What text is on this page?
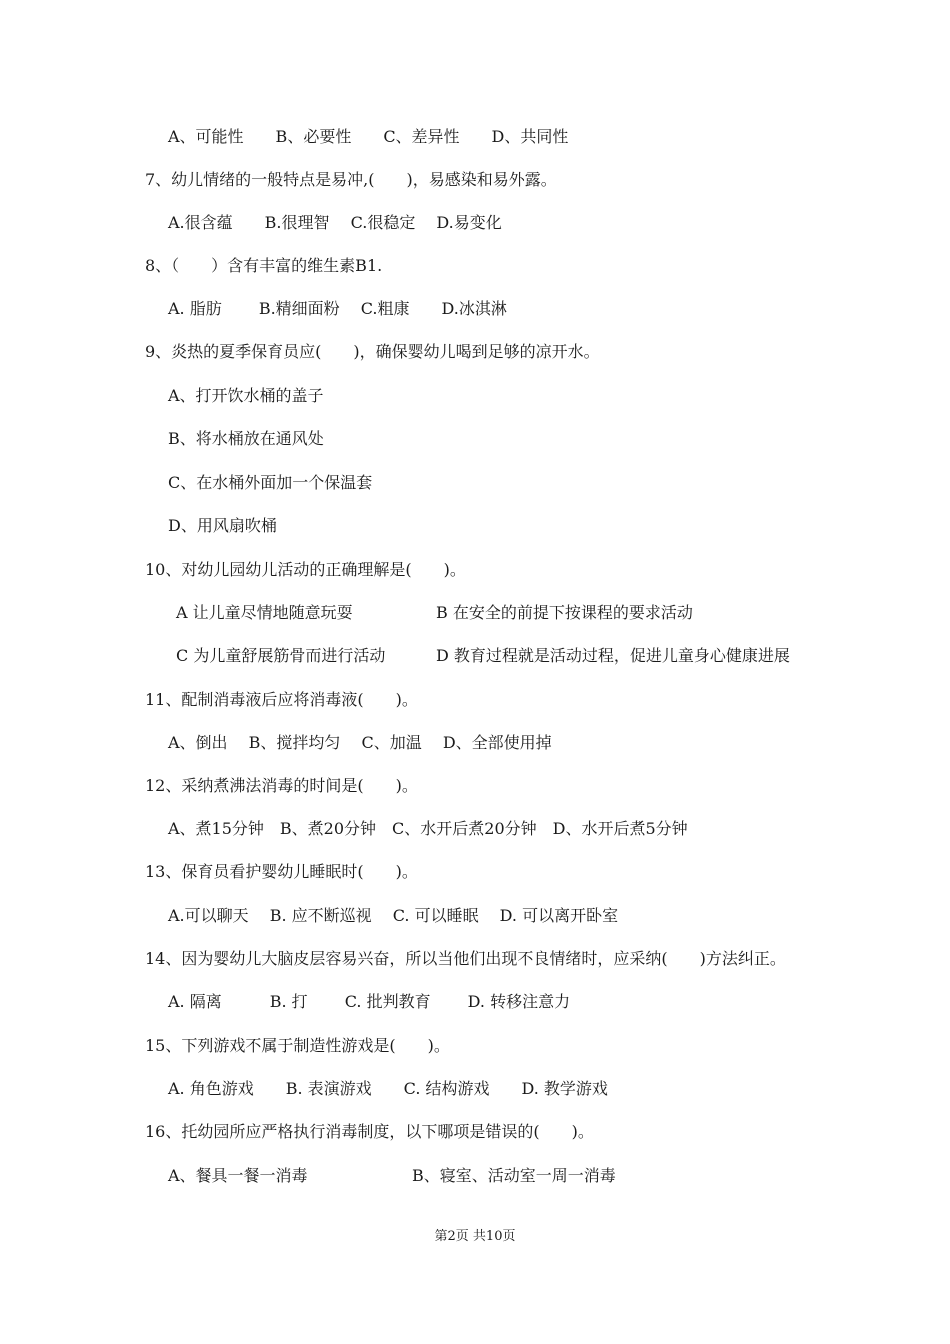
A、可能性　　B、必要性　　C、差异性　　D、共同性
7、幼儿情绪的一般特点是易冲,(　　)，易感染和易外露。
A.很含蕴　　B.很理智　 C.很稳定　 D.易变化
8、（　　）含有丰富的维生素B1.
A. 脂肪　　 B.精细面粉　 C.粗康　　D.冰淇淋
9、炎热的夏季保育员应(　　)，确保婴幼儿喝到足够的凉开水。
A、打开饮水桶的盖子
B、将水桶放在通风处
C、在水桶外面加一个保温套
D、用风扇吹桶
10、对幼儿园幼儿活动的正确理解是(　　)。
A 让儿童尽情地随意玩耍	B 在安全的前提下按课程的要求活动
C 为儿童舒展筋骨而进行活动	D 教育过程就是活动过程，促进儿童身心健康进展
11、配制消毒液后应将消毒液(　　)。
A、倒出　 B、搅拌均匀　 C、加温　 D、全部使用掉
12、采纳煮沸法消毒的时间是(　　)。
A、煮15分钟　B、煮20分钟　C、水开后煮20分钟　D、水开后煮5分钟
13、保育员看护婴幼儿睡眠时(　　)。
A.可以聊天　 B. 应不断巡视　 C. 可以睡眠　 D. 可以离开卧室
14、因为婴幼儿大脑皮层容易兴奋，所以当他们出现不良情绪时，应采纳(　　)方法纠正。
A. 隔离　　　B. 打　　 C. 批判教育　　 D. 转移注意力
15、下列游戏不属于制造性游戏是(　　)。
A. 角色游戏　　B. 表演游戏　　C. 结构游戏　　D. 教学游戏
16、托幼园所应严格执行消毒制度，以下哪项是错误的(　　)。
A、餐具一餐一消毒	B、寝室、活动室一周一消毒
第2页 共10页
